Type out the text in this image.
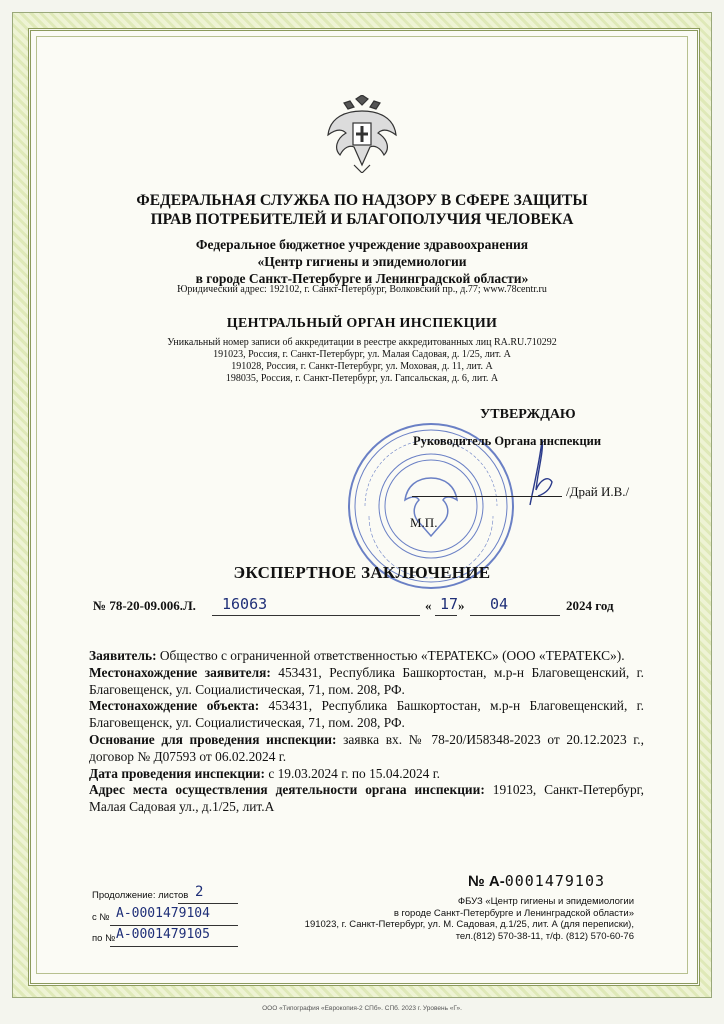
ФЕДЕРАЛЬНАЯ СЛУЖБА ПО НАДЗОРУ В СФЕРЕ ЗАЩИТЫ
ПРАВ ПОТРЕБИТЕЛЕЙ И БЛАГОПОЛУЧИЯ ЧЕЛОВЕКА
Федеральное бюджетное учреждение здравоохранения
«Центр гигиены и эпидемиологии
в городе Санкт-Петербурге и Ленинградской области»
Юридический адрес: 192102, г. Санкт-Петербург, Волковский пр., д.77; www.78centr.ru
ЦЕНТРАЛЬНЫЙ ОРГАН ИНСПЕКЦИИ
Уникальный номер записи об аккредитации в реестре аккредитованных лиц RA.RU.710292
191023, Россия, г. Санкт-Петербург, ул. Малая Садовая, д. 1/25, лит. А
191028, Россия, г. Санкт-Петербург, ул. Моховая, д. 11, лит. А
198035, Россия, г. Санкт-Петербург, ул. Гапсальская, д. 6, лит. А
УТВЕРЖДАЮ
Руководитель Органа инспекции
/Драй И.В./
М.П.
ЭКСПЕРТНОЕ ЗАКЛЮЧЕНИЕ
№ 78-20-09.006.Л. 16063	« 17 » 04	2024 год

Заявитель: Общество с ограниченной ответственностью «ТЕРАТЕКС» (ООО «ТЕРАТЕКС»).

Местонахождение заявителя: 453431, Республика Башкортостан, м.р-н Благовещенский, г. Благовещенск, ул. Социалистическая, 71, пом. 208, РФ.

Местонахождение объекта: 453431, Республика Башкортостан, м.р-н Благовещенский, г. Благовещенск, ул. Социалистическая, 71, пом. 208, РФ.

Основание для проведения инспекции: заявка вх. № 78-20/И58348-2023 от 20.12.2023 г., договор № Д07593 от 06.02.2024 г.

Дата проведения инспекции: с 19.03.2024 г. по 15.04.2024 г.

Адрес места осуществления деятельности органа инспекции: 191023, Санкт-Петербург, Малая Садовая ул., д.1/25, лит.А

№ А-0001479103
ФБУЗ «Центр гигиены и эпидемиологии
в городе Санкт-Петербурге и Ленинградской области»
191023, г. Санкт-Петербург, ул. М. Садовая, д.1/25, лит. А (для переписки),
тел.(812) 570-38-11, т/ф. (812) 570-60-76
Продолжение: листов 2
с № А-0001479104
по № А-0001479105
ООО «Типография «Еврокопия-2 СПб». СПб. 2023 г. Уровень «Г».
